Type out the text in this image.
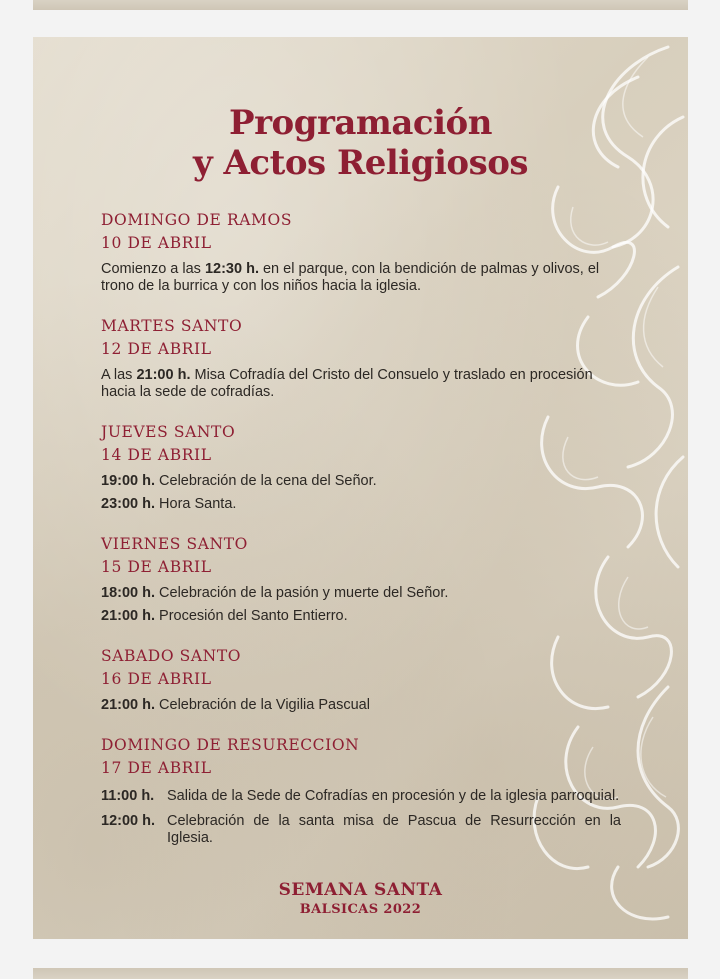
Programación
y Actos Religiosos
DOMINGO DE RAMOS
10 DE ABRIL
Comienzo a las 12:30 h. en el parque, con la bendición de palmas y olivos, el trono de la burrica y con los niños hacia la iglesia.
MARTES SANTO
12 DE ABRIL
A las 21:00 h. Misa Cofradía del Cristo del Consuelo y traslado en procesión hacia la sede de cofradías.
JUEVES SANTO
14 DE ABRIL
19:00 h. Celebración de la cena del Señor.
23:00 h. Hora Santa.
VIERNES SANTO
15 DE ABRIL
18:00 h. Celebración de la pasión y muerte del Señor.
21:00 h. Procesión del Santo Entierro.
SABADO SANTO
16 DE ABRIL
21:00 h. Celebración de la Vigilia Pascual
DOMINGO DE RESURECCION
17 DE ABRIL
11:00 h. Salida de la Sede de Cofradías en procesión y de la iglesia parroquial.
12:00 h. Celebración de la santa misa de Pascua de Resurrección en la Iglesia.
SEMANA SANTA
BALSICAS 2022
